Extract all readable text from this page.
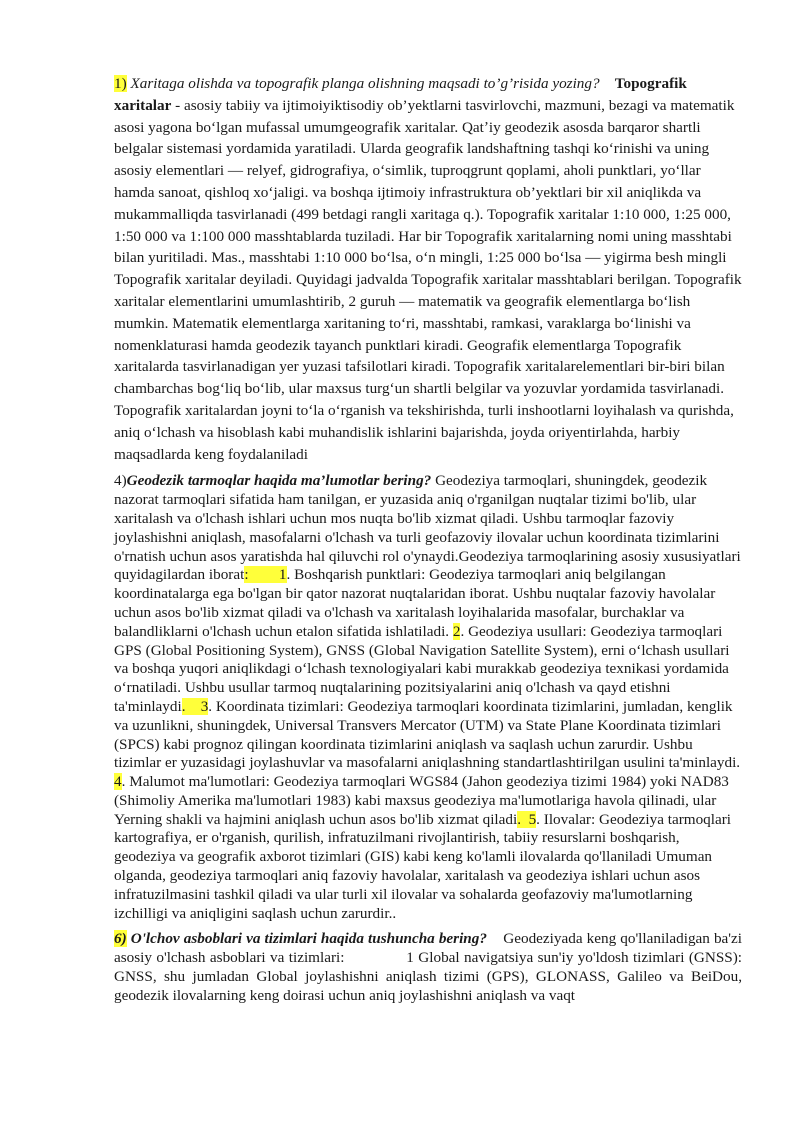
1) Xaritaga olishda va topografik planga olishning maqsadi to’g’risida yozing? Topografik xaritalar - asosiy tabiiy va ijtimoiyiktisodiy ob’yektlarni tasvirlovchi, mazmuni, bezagi va matematik asosi yagona boʻlgan mufassal umumgeografik xaritalar. Qatʼiy geodezik asosda barqaror shartli belgalar sistemasi yordamida yaratiladi. Ularda geografik landshaftning tashqi koʻrinishi va uning asosiy elementlari — relyef, gidrografiya, oʻsimlik, tuproqgrunt qoplami, aholi punktlari, yoʻllar hamda sanoat, qishloq xoʻjaligi. va boshqa ijtimoiy infrastruktura ob’yektlari bir xil aniqlikda va mukammalliqda tasvirlanadi (499 betdagi rangli xaritaga q.). Topografik xaritalar 1:10 000, 1:25 000, 1:50 000 va 1:100 000 masshtablarda tuziladi. Har bir Topografik xaritalarning nomi uning masshtabi bilan yuritiladi. Mas., masshtabi 1:10 000 boʻlsa, oʻn mingli, 1:25 000 boʻlsa — yigirma besh mingli Topografik xaritalar deyiladi. Quyidagi jadvalda Topografik xaritalar masshtablari berilgan. Topografik xaritalar elementlarini umumlashtirib, 2 guruh — matematik va geografik elementlarga boʻlish mumkin. Matematik elementlarga xaritaning toʻri, masshtabi, ramkasi, varaklarga boʻlinishi va nomenklaturasi hamda geodezik tayanch punktlari kiradi. Geografik elementlarga Topografik xaritalarda tasvirlanadigan yer yuzasi tafsilotlari kiradi. Topografik xaritalarelementlari bir-biri bilan chambarchas bogʻliq boʻlib, ular maxsus turgʻun shartli belgilar va yozuvlar yordamida tasvirlanadi. Topografik xaritalardan joyni toʻla oʻrganish va tekshirishda, turli inshootlarni loyihalash va qurishda, aniq oʻlchash va hisoblash kabi muhandislik ishlarini bajarishda, joyda oriyentirlahda, harbiy maqsadlarda keng foydalaniladi

4)Geodezik tarmoqlar haqida ma’lumotlar bering? Geodeziya tarmoqlari, shuningdek, geodezik nazorat tarmoqlari sifatida ham tanilgan, er yuzasida aniq o'rganilgan nuqtalar tizimi bo'lib, ular xaritalash va o'lchash ishlari uchun mos nuqta bo'lib xizmat qiladi. Ushbu tarmoqlar fazoviy joylashishni aniqlash, masofalarni o'lchash va turli geofazoviy ilovalar uchun koordinata tizimlarini o'rnatish uchun asos yaratishda hal qiluvchi rol o'ynaydi.Geodeziya tarmoqlarining asosiy xususiyatlari quyidagilardan iborat:        1. Boshqarish punktlari: Geodeziya tarmoqlari aniq belgilangan koordinatalarga ega bo'lgan bir qator nazorat nuqtalaridan iborat. Ushbu nuqtalar fazoviy havolalar uchun asos bo'lib xizmat qiladi va o'lchash va xaritalash loyihalarida masofalar, burchaklar va balandliklarni o'lchash uchun etalon sifatida ishlatiladi. 2. Geodeziya usullari: Geodeziya tarmoqlari GPS (Global Positioning System), GNSS (Global Navigation Satellite System), erni o‘lchash usullari va boshqa yuqori aniqlikdagi o‘lchash texnologiyalari kabi murakkab geodeziya texnikasi yordamida o‘rnatiladi. Ushbu usullar tarmoq nuqtalarining pozitsiyalarini aniq o'lchash va qayd etishni ta'minlaydi.    3. Koordinata tizimlari: Geodeziya tarmoqlari koordinata tizimlarini, jumladan, kenglik va uzunlikni, shuningdek, Universal Transvers Mercator (UTM) va State Plane Koordinata tizimlari (SPCS) kabi prognoz qilingan koordinata tizimlarini aniqlash va saqlash uchun zarurdir. Ushbu tizimlar er yuzasidagi joylashuvlar va masofalarni aniqlashning standartlashtirilgan usulini ta'minlaydi. 4. Malumot ma'lumotlari: Geodeziya tarmoqlari WGS84 (Jahon geodeziya tizimi 1984) yoki NAD83 (Shimoliy Amerika ma'lumotlari 1983) kabi maxsus geodeziya ma'lumotlariga havola qilinadi, ular Yerning shakli va hajmini aniqlash uchun asos bo'lib xizmat qiladi.  5. Ilovalar: Geodeziya tarmoqlari kartografiya, er o'rganish, qurilish, infratuzilmani rivojlantirish, tabiiy resurslarni boshqarish, geodeziya va geografik axborot tizimlari (GIS) kabi keng ko'lamli ilovalarda qo'llaniladi Umuman olganda, geodeziya tarmoqlari aniq fazoviy havolalar, xaritalash va geodeziya ishlari uchun asos infratuzilmasini tashkil qiladi va ular turli xil ilovalar va sohalarda geofazoviy ma'lumotlarning izchilligi va aniqligini saqlash uchun zarurdir..

6) O'lchov asboblari va tizimlari haqida tushuncha bering?    Geodeziyada keng qo'llaniladigan ba'zi asosiy o'lchash asboblari va tizimlari:              1 Global navigatsiya sun'iy yo'ldosh tizimlari (GNSS): GNSS, shu jumladan Global joylashishni aniqlash tizimi (GPS), GLONASS, Galileo va BeiDou, geodezik ilovalarning keng doirasi uchun aniq joylashishni aniqlash va vaqt
